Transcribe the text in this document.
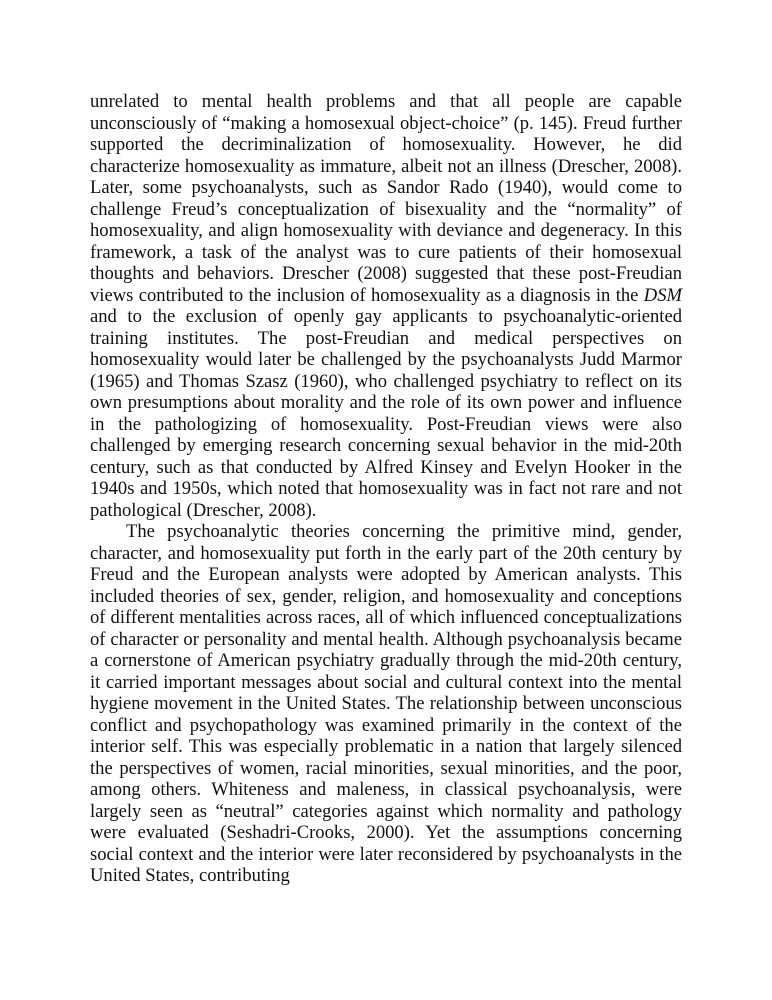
unrelated to mental health problems and that all people are capable unconsciously of “making a homosexual object-choice” (p. 145). Freud further supported the decriminalization of homosexuality. However, he did characterize homosexuality as immature, albeit not an illness (Drescher, 2008). Later, some psychoanalysts, such as Sandor Rado (1940), would come to challenge Freud’s conceptualization of bisexuality and the “normality” of homosexuality, and align homosexuality with deviance and degeneracy. In this framework, a task of the analyst was to cure patients of their homosexual thoughts and behaviors. Drescher (2008) suggested that these post-Freudian views contributed to the inclusion of homosexuality as a diagnosis in the DSM and to the exclusion of openly gay applicants to psychoanalytic-oriented training institutes. The post-Freudian and medical perspectives on homosexuality would later be challenged by the psychoanalysts Judd Marmor (1965) and Thomas Szasz (1960), who challenged psychiatry to reflect on its own presumptions about morality and the role of its own power and influence in the pathologizing of homosexuality. Post-Freudian views were also challenged by emerging research concerning sexual behavior in the mid-20th century, such as that conducted by Alfred Kinsey and Evelyn Hooker in the 1940s and 1950s, which noted that homosexuality was in fact not rare and not pathological (Drescher, 2008).

The psychoanalytic theories concerning the primitive mind, gender, character, and homosexuality put forth in the early part of the 20th century by Freud and the European analysts were adopted by American analysts. This included theories of sex, gender, religion, and homosexuality and conceptions of different mentalities across races, all of which influenced conceptualizations of character or personality and mental health. Although psychoanalysis became a cornerstone of American psychiatry gradually through the mid-20th century, it carried important messages about social and cultural context into the mental hygiene movement in the United States. The relationship between unconscious conflict and psychopathology was examined primarily in the context of the interior self. This was especially problematic in a nation that largely silenced the perspectives of women, racial minorities, sexual minorities, and the poor, among others. Whiteness and maleness, in classical psychoanalysis, were largely seen as “neutral” categories against which normality and pathology were evaluated (Seshadri-Crooks, 2000). Yet the assumptions concerning social context and the interior were later reconsidered by psychoanalysts in the United States, contributing
